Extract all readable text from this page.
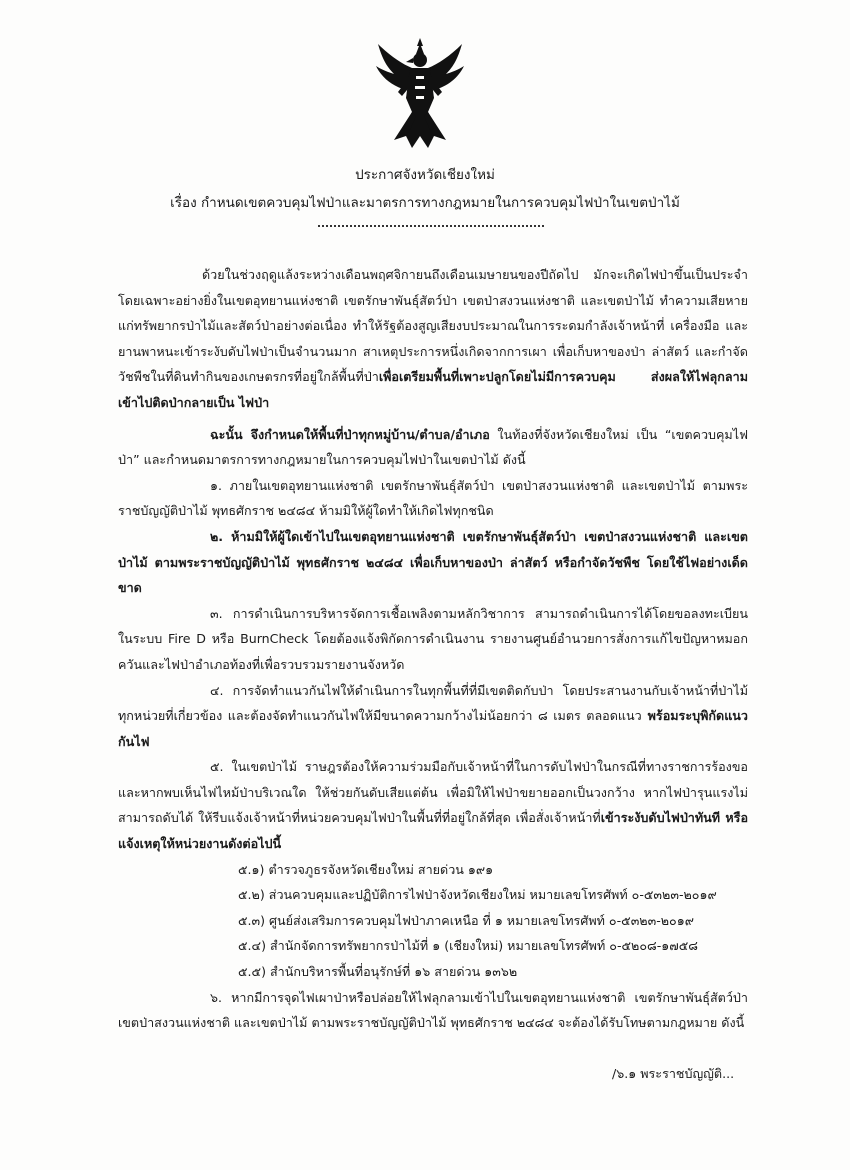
ประกาศจังหวัดเชียงใหม่
เรื่อง กำหนดเขตควบคุมไฟป่าและมาตรการทางกฎหมายในการควบคุมไฟป่าในเขตป่าไม้

ด้วยในช่วงฤดูแล้งระหว่างเดือนพฤศจิกายนถึงเดือนเมษายนของปีถัดไป มักจะเกิดไฟป่าขึ้นเป็นประจำ โดยเฉพาะอย่างยิ่งในเขตอุทยานแห่งชาติ เขตรักษาพันธุ์สัตว์ป่า เขตป่าสงวนแห่งชาติ และเขตป่าไม้ ทำความเสียหายแก่ทรัพยากรป่าไม้และสัตว์ป่าอย่างต่อเนื่อง ทำให้รัฐต้องสูญเสียงบประมาณในการระดมกำลังเจ้าหน้าที่ เครื่องมือ และยานพาหนะเข้าระงับดับไฟป่าเป็นจำนวนมาก สาเหตุประการหนึ่งเกิดจากการเผา เพื่อเก็บหาของป่า ล่าสัตว์ และกำจัดวัชพืชในที่ดินทำกินของเกษตรกรที่อยู่ใกล้พื้นที่ป่าเพื่อเตรียมพื้นที่เพาะปลูกโดยไม่มีการควบคุม ส่งผลให้ไฟลุกลามเข้าไปติดป่ากลายเป็น ไฟป่า

ฉะนั้น จึงกำหนดให้พื้นที่ป่าทุกหมู่บ้าน/ตำบล/อำเภอ ในท้องที่จังหวัดเชียงใหม่ เป็น “เขตควบคุมไฟป่า” และกำหนดมาตรการทางกฎหมายในการควบคุมไฟป่าในเขตป่าไม้ ดังนี้

๑. ภายในเขตอุทยานแห่งชาติ เขตรักษาพันธุ์สัตว์ป่า เขตป่าสงวนแห่งชาติ และเขตป่าไม้ ตามพระราชบัญญัติป่าไม้ พุทธศักราช ๒๔๘๔ ห้ามมิให้ผู้ใดทำให้เกิดไฟทุกชนิด

๒. ห้ามมิให้ผู้ใดเข้าไปในเขตอุทยานแห่งชาติ เขตรักษาพันธุ์สัตว์ป่า เขตป่าสงวนแห่งชาติ และเขตป่าไม้ ตามพระราชบัญญัติป่าไม้ พุทธศักราช ๒๔๘๔ เพื่อเก็บหาของป่า ล่าสัตว์ หรือกำจัดวัชพืช โดยใช้ไฟอย่างเด็ดขาด

๓. การดำเนินการบริหารจัดการเชื้อเพลิงตามหลักวิชาการ สามารถดำเนินการได้โดยขอลงทะเบียนในระบบ Fire D หรือ BurnCheck โดยต้องแจ้งพิกัดการดำเนินงาน รายงานศูนย์อำนวยการสั่งการแก้ไขปัญหาหมอกควันและไฟป่าอำเภอท้องที่เพื่อรวบรวมรายงานจังหวัด

๔. การจัดทำแนวกันไฟให้ดำเนินการในทุกพื้นที่ที่มีเขตติดกับป่า โดยประสานงานกับเจ้าหน้าที่ป่าไม้ทุกหน่วยที่เกี่ยวข้อง และต้องจัดทำแนวกันไฟให้มีขนาดความกว้างไม่น้อยกว่า ๘ เมตร ตลอดแนว พร้อมระบุพิกัดแนวกันไฟ

๕. ในเขตป่าไม้ ราษฎรต้องให้ความร่วมมือกับเจ้าหน้าที่ในการดับไฟป่าในกรณีที่ทางราชการร้องขอ และหากพบเห็นไฟไหม้ป่าบริเวณใด ให้ช่วยกันดับเสียแต่ต้น เพื่อมิให้ไฟป่าขยายออกเป็นวงกว้าง หากไฟป่ารุนแรงไม่สามารถดับได้ ให้รีบแจ้งเจ้าหน้าที่หน่วยควบคุมไฟป่าในพื้นที่ที่อยู่ใกล้ที่สุด เพื่อสั่งเจ้าหน้าที่เข้าระงับดับไฟป่าทันที หรือแจ้งเหตุให้หน่วยงานดังต่อไปนี้

๕.๑) ตำรวจภูธรจังหวัดเชียงใหม่ สายด่วน ๑๙๑

๕.๒) ส่วนควบคุมและปฏิบัติการไฟป่าจังหวัดเชียงใหม่ หมายเลขโทรศัพท์ ๐-๕๓๒๓-๒๐๑๙

๕.๓) ศูนย์ส่งเสริมการควบคุมไฟป่าภาคเหนือ ที่ ๑ หมายเลขโทรศัพท์ ๐-๕๓๒๓-๒๐๑๙

๕.๔) สำนักจัดการทรัพยากรป่าไม้ที่ ๑ (เชียงใหม่) หมายเลขโทรศัพท์ ๐-๕๒๐๘-๑๗๕๘

๕.๕) สำนักบริหารพื้นที่อนุรักษ์ที่ ๑๖ สายด่วน ๑๓๖๒

๖. หากมีการจุดไฟเผาป่าหรือปล่อยให้ไฟลุกลามเข้าไปในเขตอุทยานแห่งชาติ เขตรักษาพันธุ์สัตว์ป่า เขตป่าสงวนแห่งชาติ และเขตป่าไม้ ตามพระราชบัญญัติป่าไม้ พุทธศักราช ๒๔๘๔ จะต้องได้รับโทษตามกฎหมาย ดังนี้

/๖.๑ พระราชบัญญัติ...
